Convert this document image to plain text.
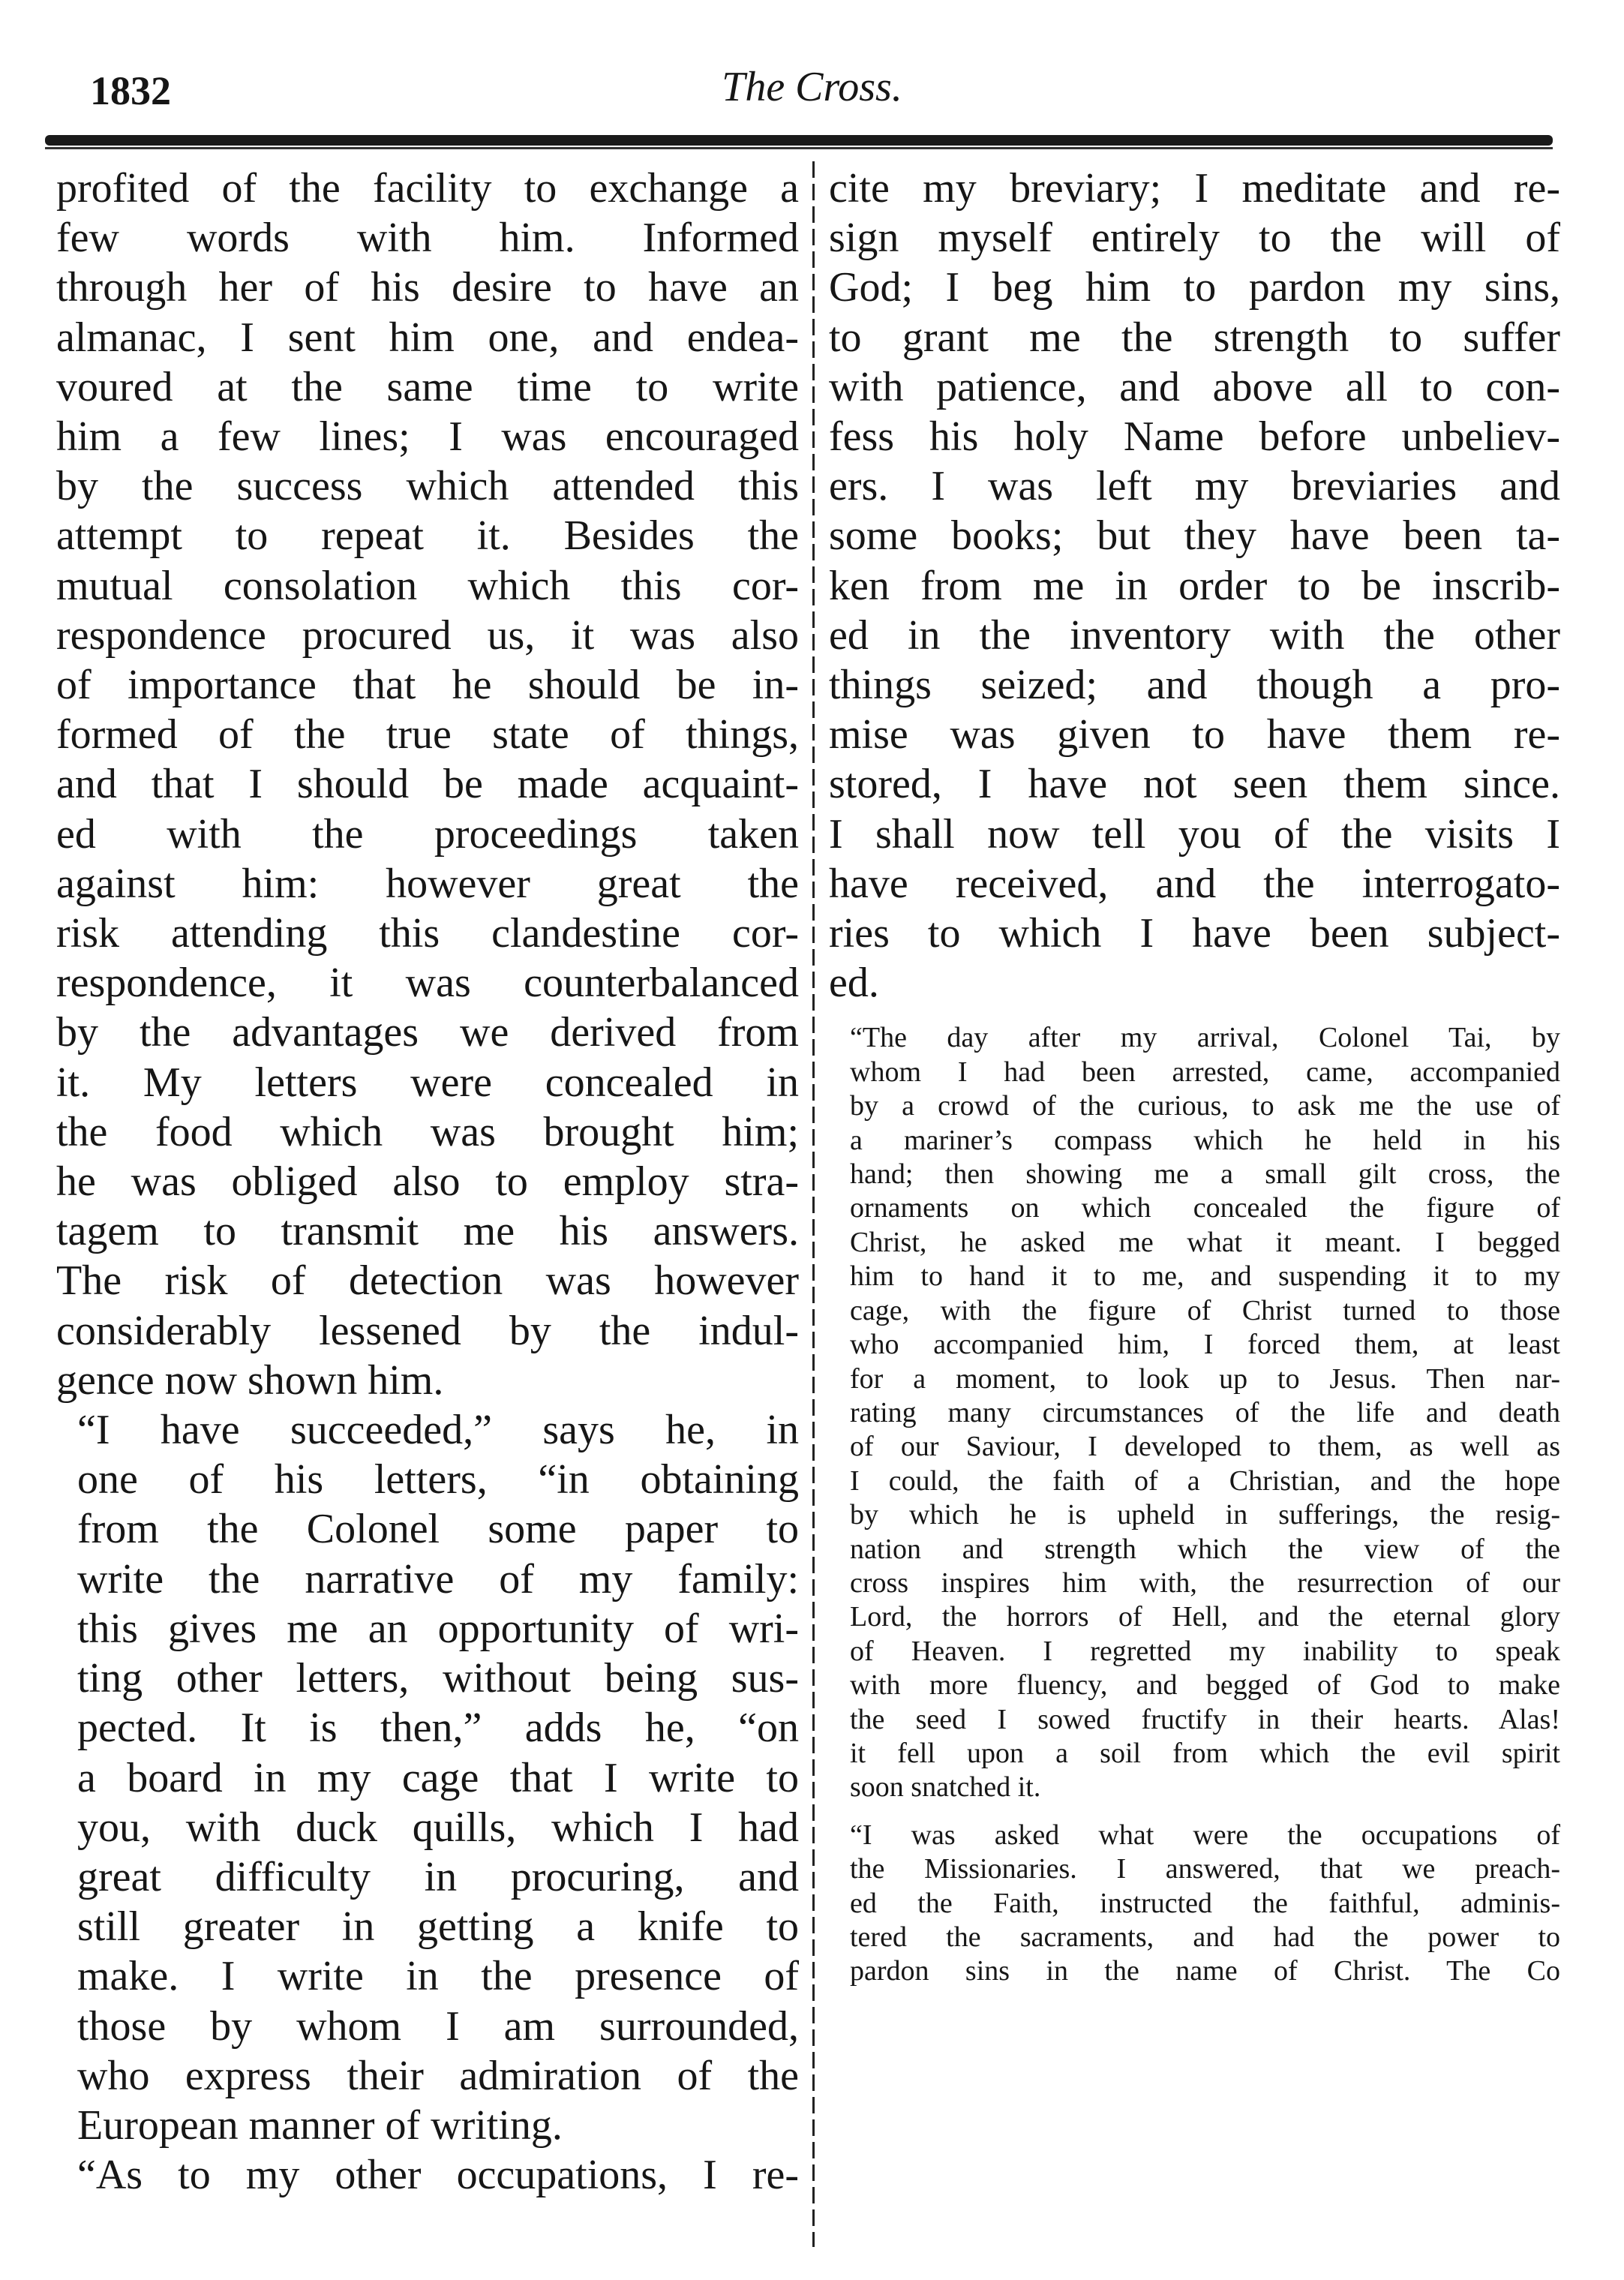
1832	The Cross.
profited of the facility to exchange a
few words with him. Informed
through her of his desire to have an
almanac, I sent him one, and endea-
voured at the same time to write
him a few lines; I was encouraged
by the success which attended this
attempt to repeat it. Besides the
mutual consolation which this cor-
respondence procured us, it was also
of importance that he should be in-
formed of the true state of things,
and that I should be made acquaint-
ed with the proceedings taken
against him: however great the
risk attending this clandestine cor-
respondence, it was counterbalanced
by the advantages we derived from
it. My letters were concealed in
the food which was brought him;
he was obliged also to employ stra-
tagem to transmit me his answers.
The risk of detection was however
considerably lessened by the indul-
gence now shown him.
“I have succeeded,” says he, in
one of his letters, “in obtaining
from the Colonel some paper to
write the narrative of my family:
this gives me an opportunity of wri-
ting other letters, without being sus-
pected. It is then,” adds he, “on
a board in my cage that I write to
you, with duck quills, which I had
great difficulty in procuring, and
still greater in getting a knife to
make. I write in the presence of
those by whom I am surrounded,
who express their admiration of the
European manner of writing.
“As to my other occupations, I re-
cite my breviary; I meditate and re-
sign myself entirely to the will of
God; I beg him to pardon my sins,
to grant me the strength to suffer
with patience, and above all to con-
fess his holy Name before unbeliev-
ers. I was left my breviaries and
some books; but they have been ta-
ken from me in order to be inscrib-
ed in the inventory with the other
things seized; and though a pro-
mise was given to have them re-
stored, I have not seen them since.
I shall now tell you of the visits I
have received, and the interrogato-
ries to which I have been subject-
ed.
“The day after my arrival, Colonel Tai, by
whom I had been arrested, came, accompanied
by a crowd of the curious, to ask me the use of
a mariner’s compass which he held in his
hand; then showing me a small gilt cross, the
ornaments on which concealed the figure of
Christ, he asked me what it meant. I begged
him to hand it to me, and suspending it to my
cage, with the figure of Christ turned to those
who accompanied him, I forced them, at least
for a moment, to look up to Jesus. Then nar-
rating many circumstances of the life and death
of our Saviour, I developed to them, as well as
I could, the faith of a Christian, and the hope
by which he is upheld in sufferings, the resig-
nation and strength which the view of the
cross inspires him with, the resurrection of our
Lord, the horrors of Hell, and the eternal glory
of Heaven. I regretted my inability to speak
with more fluency, and begged of God to make
the seed I sowed fructify in their hearts. Alas!
it fell upon a soil from which the evil spirit
soon snatched it.
“I was asked what were the occupations of
the Missionaries. I answered, that we preach-
ed the Faith, instructed the faithful, adminis-
tered the sacraments, and had the power to
pardon sins in the name of Christ. The Co
